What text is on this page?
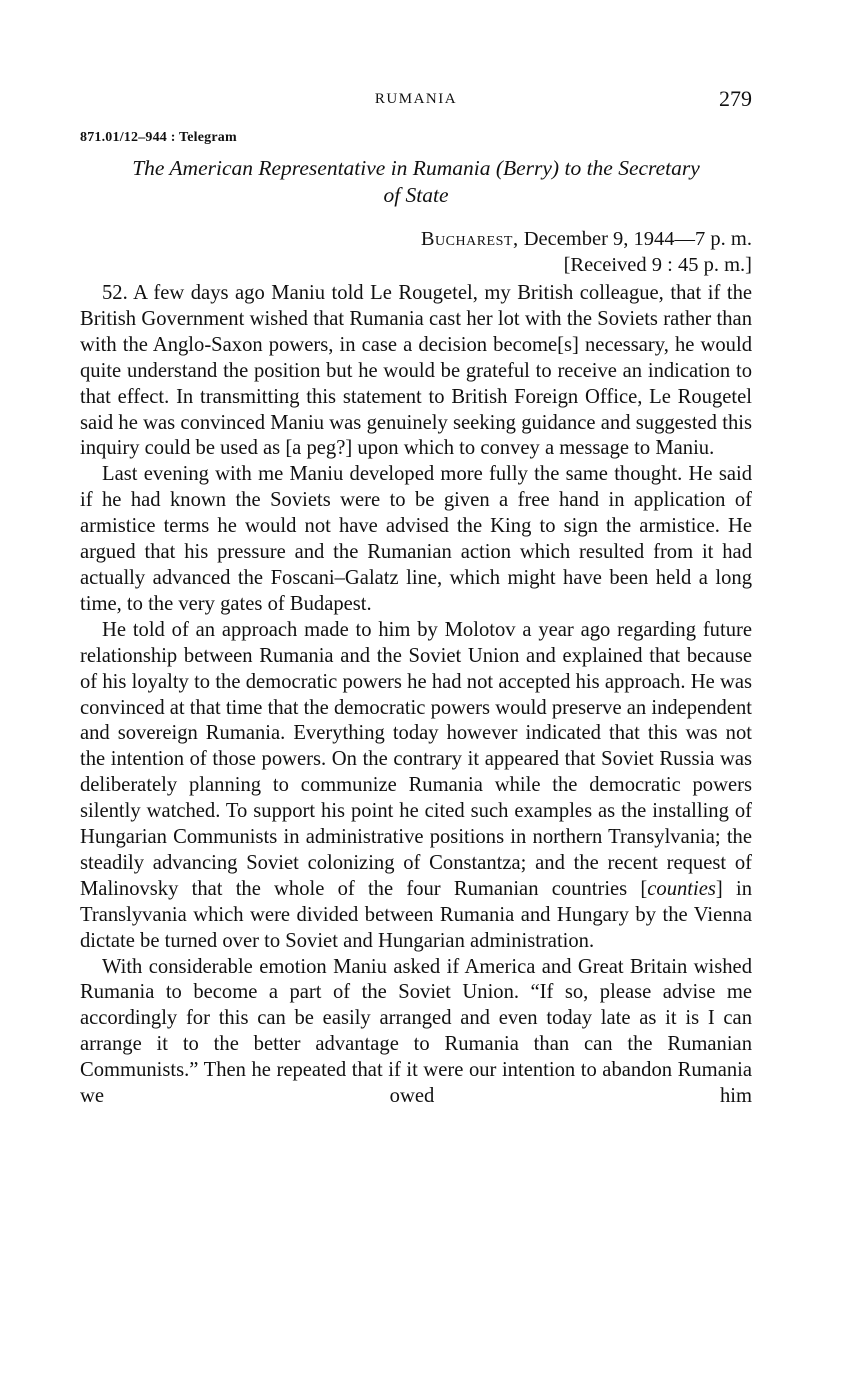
RUMANIA	279
871.01/12–944 : Telegram
The American Representative in Rumania (Berry) to the Secretary
of State
Bucharest, December 9, 1944—7 p. m.
[Received 9 : 45 p. m.]

52. A few days ago Maniu told Le Rougetel, my British colleague, that if the British Government wished that Rumania cast her lot with the Soviets rather than with the Anglo-Saxon powers, in case a decision become[s] necessary, he would quite understand the position but he would be grateful to receive an indication to that effect. In transmitting this statement to British Foreign Office, Le Rougetel said he was convinced Maniu was genuinely seeking guidance and suggested this inquiry could be used as [a peg?] upon which to convey a message to Maniu.

Last evening with me Maniu developed more fully the same thought. He said if he had known the Soviets were to be given a free hand in application of armistice terms he would not have advised the King to sign the armistice. He argued that his pressure and the Rumanian action which resulted from it had actually advanced the Foscani–Galatz line, which might have been held a long time, to the very gates of Budapest.

He told of an approach made to him by Molotov a year ago regarding future relationship between Rumania and the Soviet Union and explained that because of his loyalty to the democratic powers he had not accepted his approach. He was convinced at that time that the democratic powers would preserve an independent and sovereign Rumania. Everything today however indicated that this was not the intention of those powers. On the contrary it appeared that Soviet Russia was deliberately planning to communize Rumania while the democratic powers silently watched. To support his point he cited such examples as the installing of Hungarian Communists in administrative positions in northern Transylvania; the steadily advancing Soviet colonizing of Constantza; and the recent request of Malinovsky that the whole of the four Rumanian countries [counties] in Translyvania which were divided between Rumania and Hungary by the Vienna dictate be turned over to Soviet and Hungarian administration.

With considerable emotion Maniu asked if America and Great Britain wished Rumania to become a part of the Soviet Union. “If so, please advise me accordingly for this can be easily arranged and even today late as it is I can arrange it to the better advantage to Rumania than can the Rumanian Communists.” Then he repeated that if it were our intention to abandon Rumania we owed him
